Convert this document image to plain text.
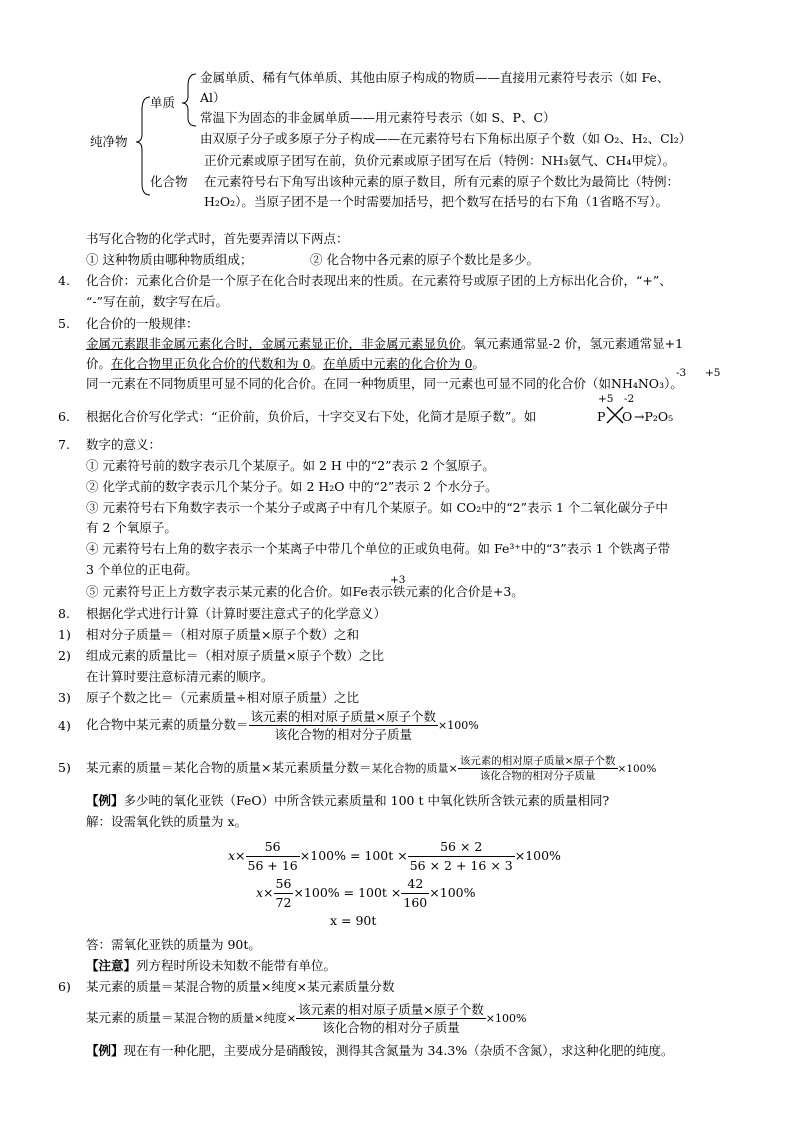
纯净物
单质
金属单质、稀有气体单质、其他由原子构成的物质——直接用元素符号表示（如 Fe、
Al）
常温下为固态的非金属单质——用元素符号表示（如 S、P、C）
由双原子分子或多原子分子构成——在元素符号右下角标出原子个数（如 O₂、H₂、Cl₂）
正价元素或原子团写在前，负价元素或原子团写在后（特例：NH₃氨气、CH₄甲烷）。
化合物 在元素符号右下角写出该种元素的原子数目，所有元素的原子个数比为最简比（特例：
H₂O₂）。当原子团不是一个时需要加括号，把个数写在括号的右下角（1省略不写）。
书写化合物的化学式时，首先要弄清以下两点：
① 这种物质由哪种物质组成；	② 化合物中各元素的原子个数比是多少。
4. 化合价：元素化合价是一个原子在化合时表现出来的性质。在元素符号或原子团的上方标出化合价，“+”、
“-”写在前，数字写在后。
5. 化合价的一般规律：
金属元素跟非金属元素化合时，金属元素显正价，非金属元素显负价。氧元素通常显-2 价，氢元素通常显+1
价。在化合物里正负化合价的代数和为 0。在单质中元素的化合价为 0。
同一元素在不同物质里可显不同的化合价。在同一种物质里，同一元素也可显不同的化合价（如NH₄NO₃）。
-3 +5
6. 根据化合价写化学式：“正价前，负价后，十字交叉右下处，化简才是原子数”。如	P O →P₂O₅
+5 -2
7. 数字的意义：
① 元素符号前的数字表示几个某原子。如 2 H 中的“2”表示 2 个氢原子。
② 化学式前的数字表示几个某分子。如 2 H₂O 中的“2”表示 2 个水分子。
③ 元素符号右下角数字表示一个某分子或离子中有几个某原子。如 CO₂中的“2”表示 1 个二氧化碳分子中
有 2 个氧原子。
④ 元素符号右上角的数字表示一个某离子中带几个单位的正或负电荷。如 Fe³⁺中的“3”表示 1 个铁离子带
3 个单位的正电荷。
⑤ 元素符号正上方数字表示某元素的化合价。如Fe表示铁元素的化合价是+3。
+3
8. 根据化学式进行计算（计算时要注意式子的化学意义）
1) 相对分子质量＝（相对原子质量×原子个数）之和
2) 组成元素的质量比＝（相对原子质量×原子个数）之比
在计算时要注意标清元素的顺序。
3) 原子个数之比＝（元素质量÷相对原子质量）之比
4) 化合物中某元素的质量分数＝ $\frac{\text{该元素的相对原子质量×原子个数}}{\text{该化合物的相对分子质量}} \times 100\%$
5) 某元素的质量＝某化合物的质量×某元素质量分数＝某化合物的质量× $\frac{\text{该元素的相对原子质量×原子个数}}{\text{该化合物的相对分子质量}} \times 100\%$
【例】多少吨的氧化亚铁（FeO）中所含铁元素质量和 100 t 中氧化铁所含铁元素的质量相同?
解：设需氧化铁的质量为 x。
$x\times \frac{56}{56 + 16} \times 100\% = 100t \times \frac{56 \times 2}{56 \times 2 + 16 \times 3} \times 100\%$
$x\times \frac{56}{72} \times 100\% = 100t \times \frac{42}{160} \times 100\%$
x = 90t
答：需氧化亚铁的质量为 90t。
【注意】列方程时所设未知数不能带有单位。
6) 某元素的质量＝某混合物的质量×纯度×某元素质量分数
某元素的质量＝某混合物的质量×纯度× $\frac{\text{该元素的相对原子质量×原子个数}}{\text{该化合物的相对分子质量}} \times 100\%$
【例】现在有一种化肥，主要成分是硝酸铵，测得其含氮量为 34.3%（杂质不含氮），求这种化肥的纯度。
